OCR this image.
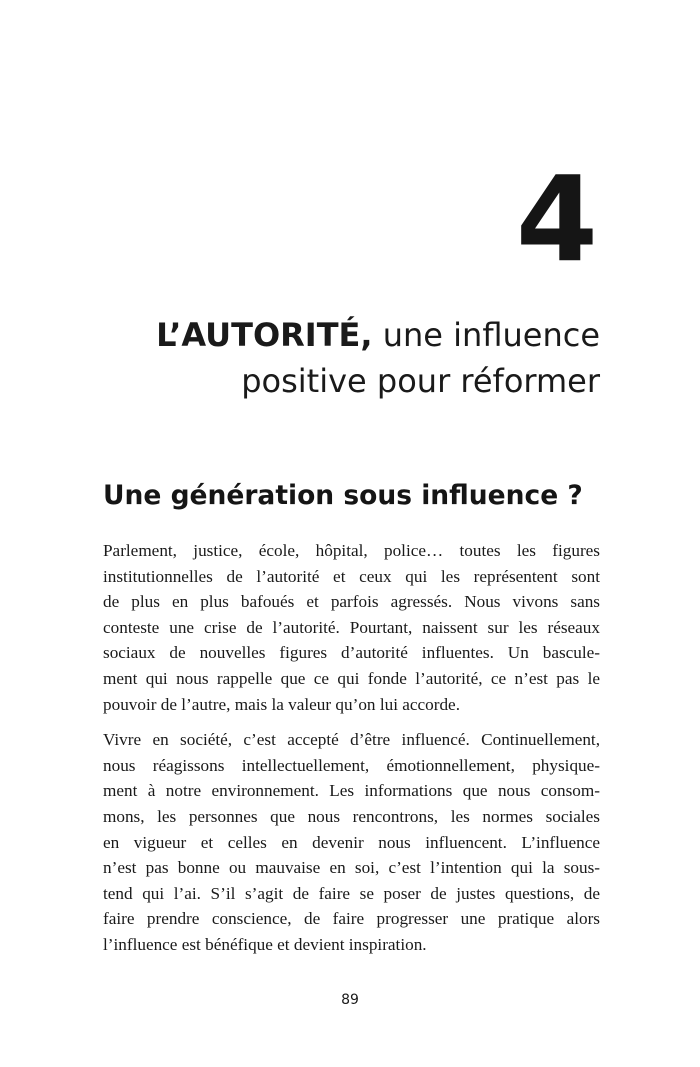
4
L’AUTORITÉ, une influence
positive pour réformer
Une génération sous influence ?

Parlement, justice, école, hôpital, police… toutes les figures
institutionnelles de l’autorité et ceux qui les représentent sont
de plus en plus bafoués et parfois agressés. Nous vivons sans
conteste une crise de l’autorité. Pourtant, naissent sur les réseaux
sociaux de nouvelles figures d’autorité influentes. Un bascule-
ment qui nous rappelle que ce qui fonde l’autorité, ce n’est pas le
pouvoir de l’autre, mais la valeur qu’on lui accorde.

Vivre en société, c’est accepté d’être influencé. Continuellement,
nous réagissons intellectuellement, émotionnellement, physique-
ment à notre environnement. Les informations que nous consom-
mons, les personnes que nous rencontrons, les normes sociales
en vigueur et celles en devenir nous influencent. L’influence
n’est pas bonne ou mauvaise en soi, c’est l’intention qui la sous-
tend qui l’ai. S’il s’agit de faire se poser de justes questions, de
faire prendre conscience, de faire progresser une pratique alors
l’influence est bénéfique et devient inspiration.

89
